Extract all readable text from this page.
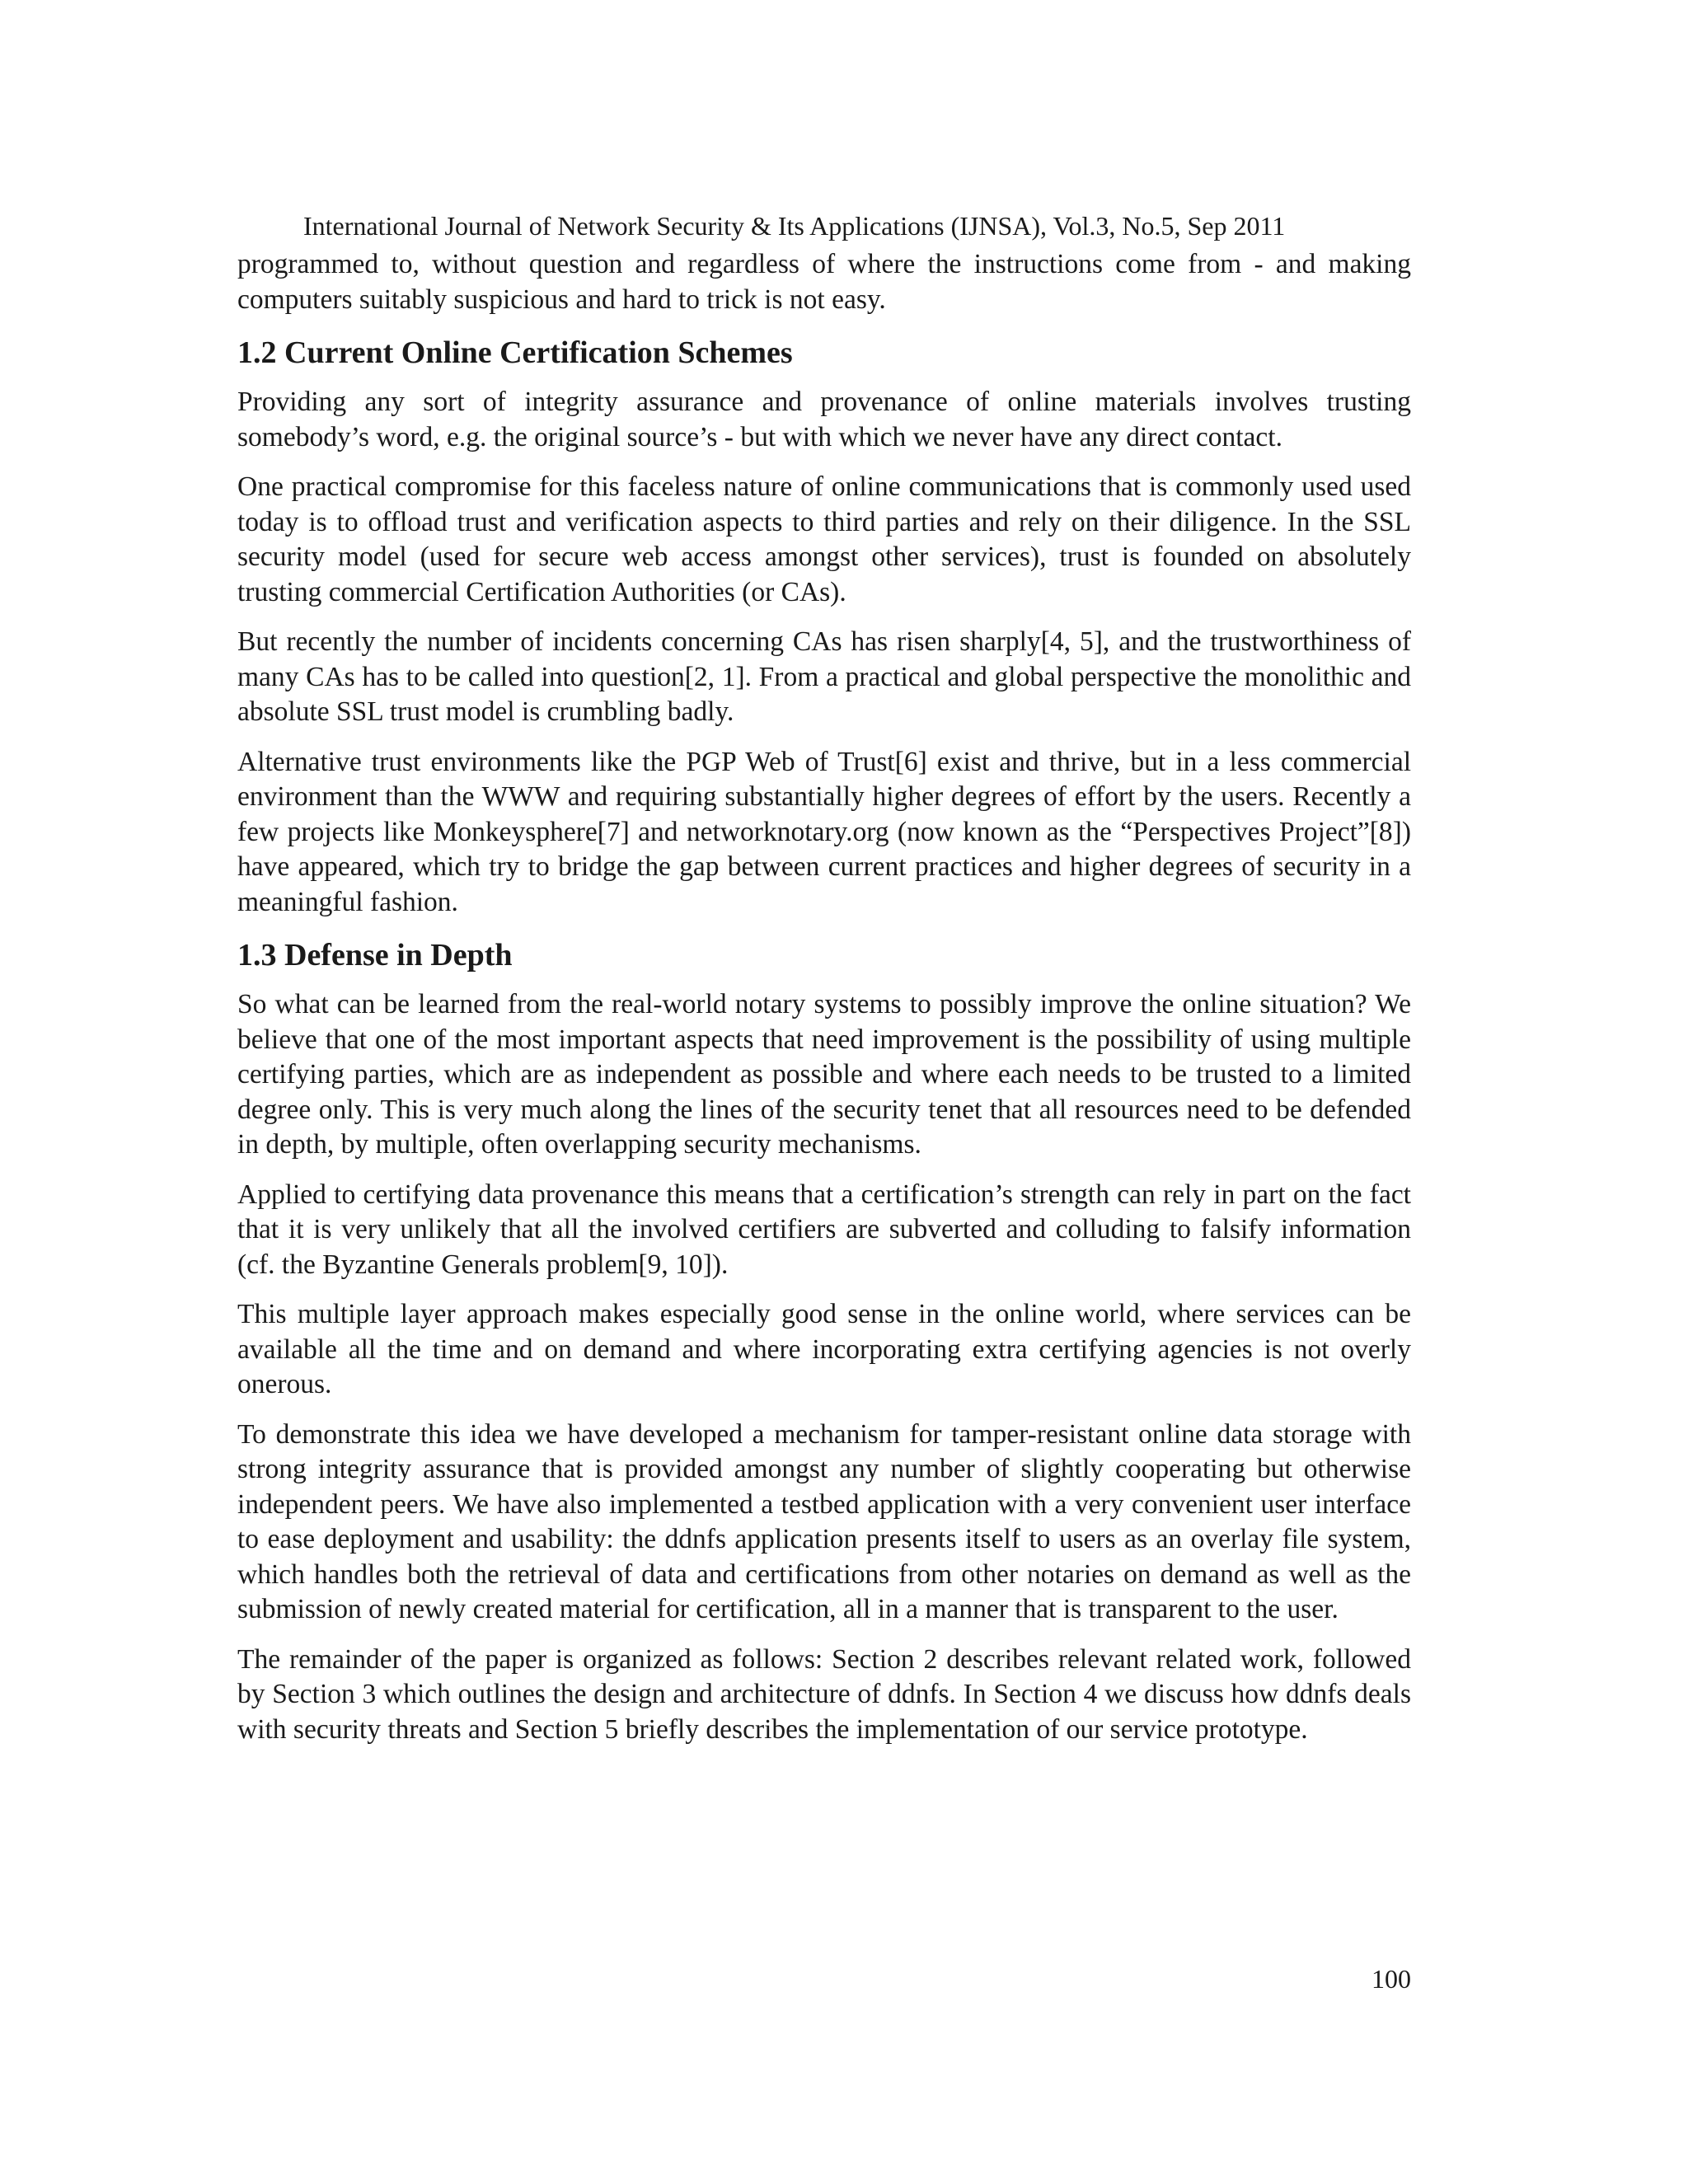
International Journal of Network Security & Its Applications (IJNSA), Vol.3, No.5, Sep 2011

programmed to, without question and regardless of where the instructions come from - and making computers suitably suspicious and hard to trick is not easy.

1.2 Current Online Certification Schemes

Providing any sort of integrity assurance and provenance of online materials involves trusting somebody’s word, e.g. the original source’s - but with which we never have any direct contact.

One practical compromise for this faceless nature of online communications that is commonly used used today is to offload trust and verification aspects to third parties and rely on their diligence. In the SSL security model (used for secure web access amongst other services), trust is founded on absolutely trusting commercial Certification Authorities (or CAs).

But recently the number of incidents concerning CAs has risen sharply[4, 5], and the trustworthiness of many CAs has to be called into question[2, 1]. From a practical and global perspective the monolithic and absolute SSL trust model is crumbling badly.

Alternative trust environments like the PGP Web of Trust[6] exist and thrive, but in a less commercial environment than the WWW and requiring substantially higher degrees of effort by the users. Recently a few projects like Monkeysphere[7] and networknotary.org (now known as the “Perspectives Project”[8]) have appeared, which try to bridge the gap between current practices and higher degrees of security in a meaningful fashion.

1.3 Defense in Depth

So what can be learned from the real-world notary systems to possibly improve the online situation? We believe that one of the most important aspects that need improvement is the possibility of using multiple certifying parties, which are as independent as possible and where each needs to be trusted to a limited degree only. This is very much along the lines of the security tenet that all resources need to be defended in depth, by multiple, often overlapping security mechanisms.

Applied to certifying data provenance this means that a certification’s strength can rely in part on the fact that it is very unlikely that all the involved certifiers are subverted and colluding to falsify information (cf. the Byzantine Generals problem[9, 10]).

This multiple layer approach makes especially good sense in the online world, where services can be available all the time and on demand and where incorporating extra certifying agencies is not overly onerous.

To demonstrate this idea we have developed a mechanism for tamper-resistant online data storage with strong integrity assurance that is provided amongst any number of slightly cooperating but otherwise independent peers. We have also implemented a testbed application with a very convenient user interface to ease deployment and usability: the ddnfs application presents itself to users as an overlay file system, which handles both the retrieval of data and certifications from other notaries on demand as well as the submission of newly created material for certification, all in a manner that is transparent to the user.

The remainder of the paper is organized as follows: Section 2 describes relevant related work, followed by Section 3 which outlines the design and architecture of ddnfs. In Section 4 we discuss how ddnfs deals with security threats and Section 5 briefly describes the implementation of our service prototype.

100
